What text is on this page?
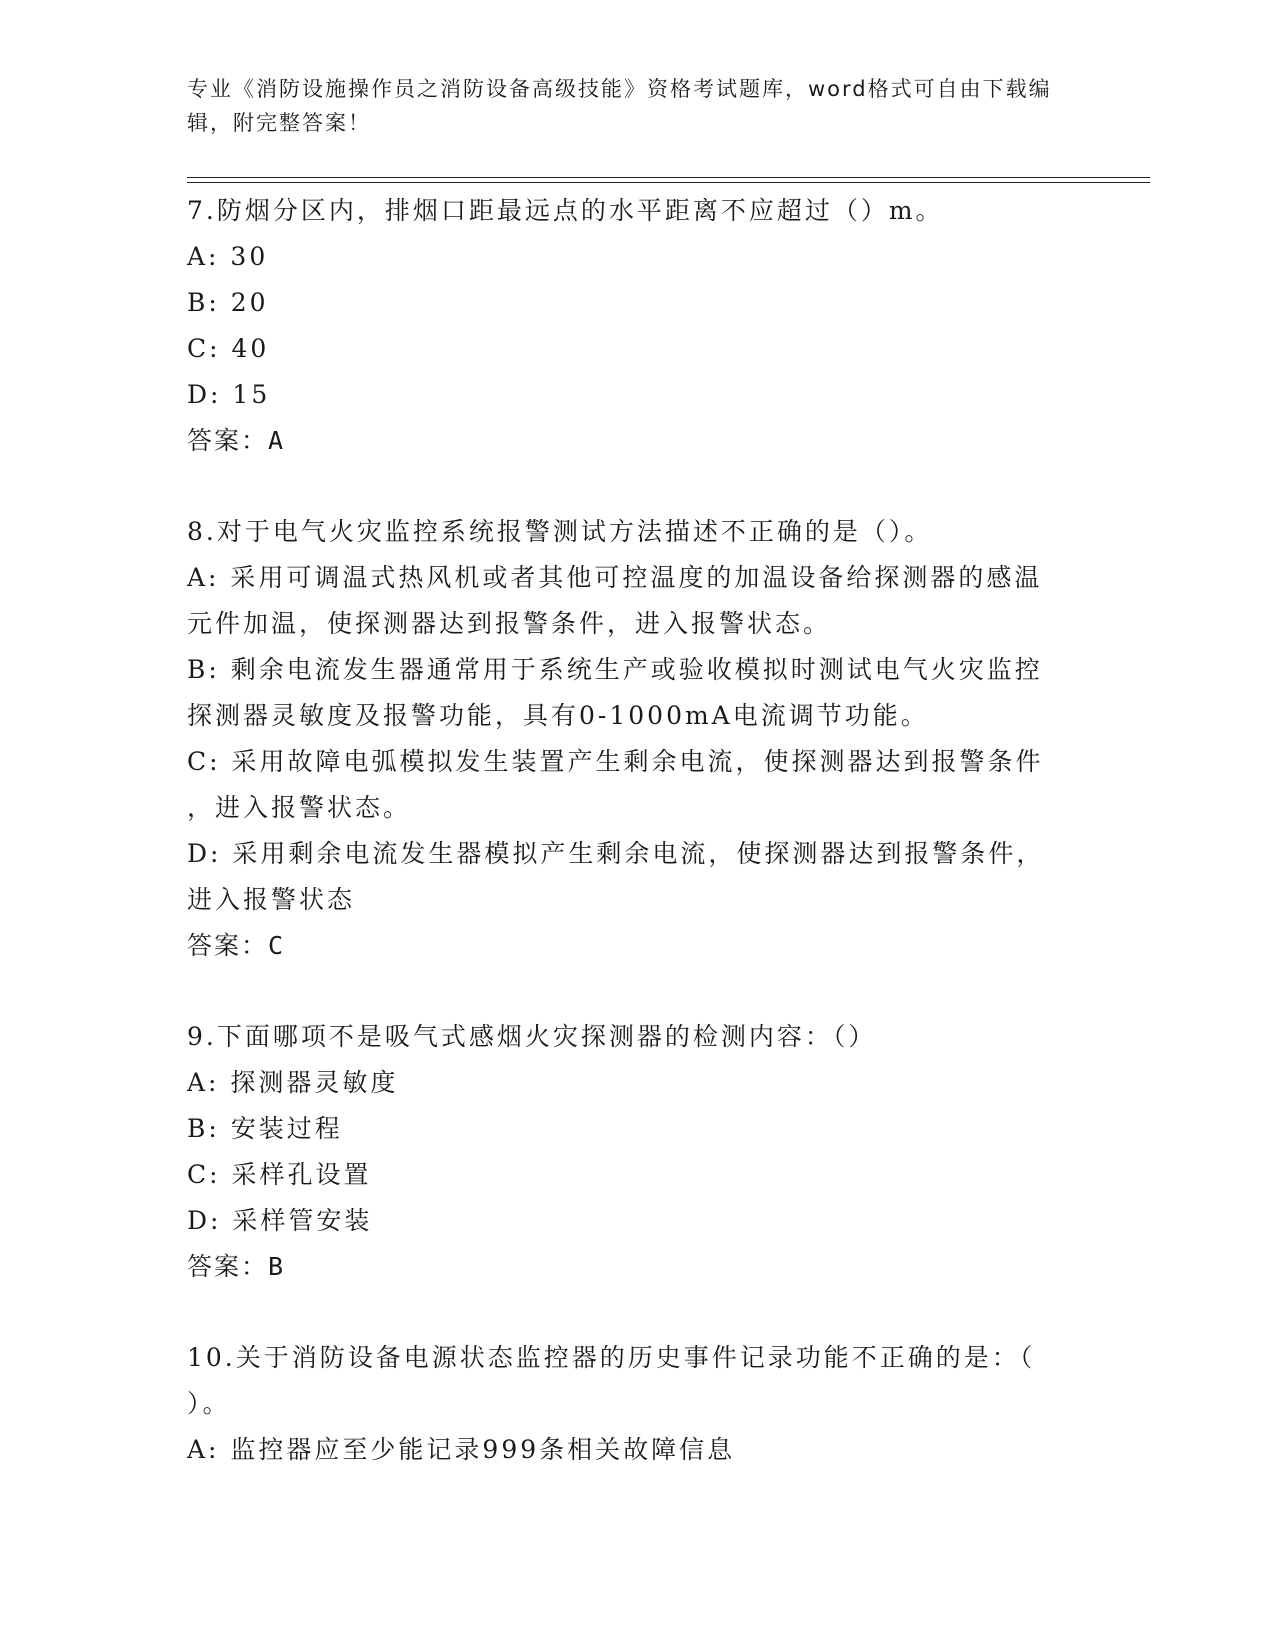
专业《消防设施操作员之消防设备高级技能》资格考试题库，word格式可自由下载编辑，附完整答案！

7.防烟分区内，排烟口距最远点的水平距离不应超过（）m。

A: 30

B: 20

C: 40

D: 15

答案：A

8.对于电气火灾监控系统报警测试方法描述不正确的是（）。

A: 采用可调温式热风机或者其他可控温度的加温设备给探测器的感温

元件加温，使探测器达到报警条件，进入报警状态。

B: 剩余电流发生器通常用于系统生产或验收模拟时测试电气火灾监控

探测器灵敏度及报警功能，具有0-1000mA电流调节功能。

C: 采用故障电弧模拟发生装置产生剩余电流，使探测器达到报警条件

，进入报警状态。

D: 采用剩余电流发生器模拟产生剩余电流，使探测器达到报警条件，

进入报警状态

答案：C

9.下面哪项不是吸气式感烟火灾探测器的检测内容：（）

A: 探测器灵敏度

B: 安装过程

C: 采样孔设置

D: 采样管安装

答案：B

10.关于消防设备电源状态监控器的历史事件记录功能不正确的是：（

）。

A: 监控器应至少能记录999条相关故障信息
